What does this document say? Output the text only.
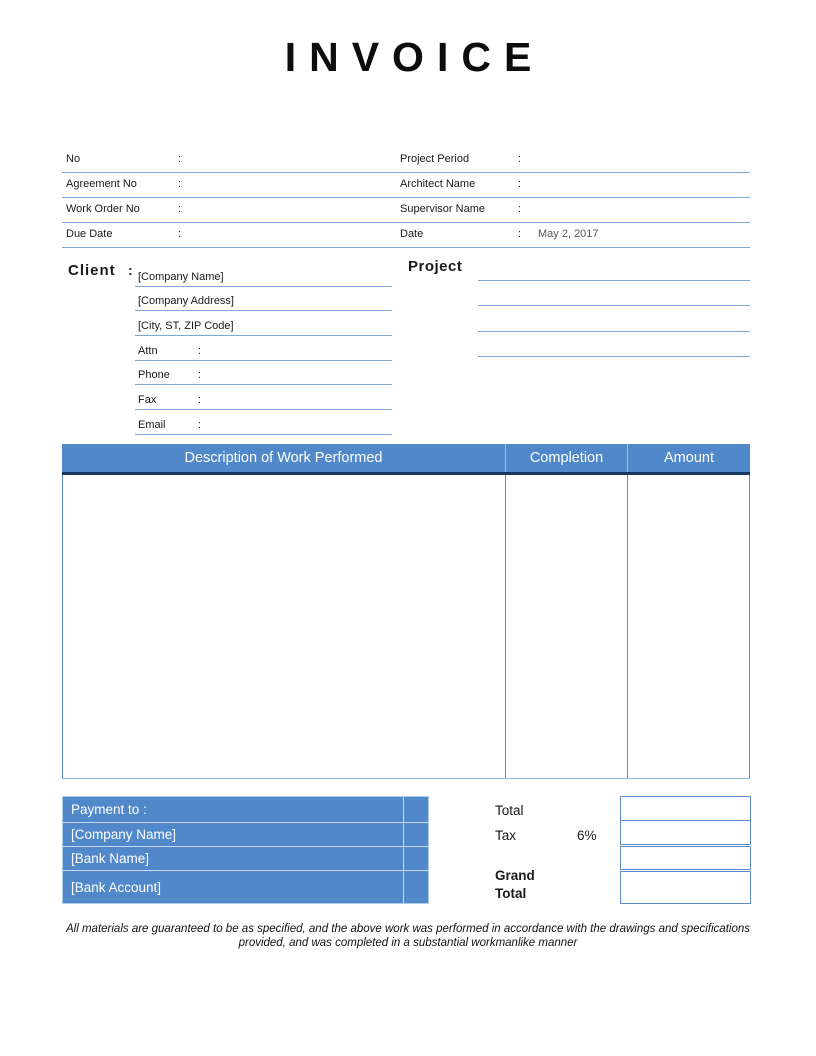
INVOICE
No	:	Project Period	:
Agreement No	:	Architect Name	:
Work Order No	:	Supervisor Name	:
Due Date	:	Date	: May 2, 2017
Client : [Company Name]
[Company Address]
[City, ST, ZIP Code]
Attn	:
Phone	:
Fax	:
Email	:
Project
Description of Work Performed	Completion	Amount
Payment to :
[Company Name]
[Bank Name]
[Bank Account]
Total
Tax	6%
Grand Total
All materials are guaranteed to be as specified, and the above work was performed in accordance with the drawings and specifications provided, and was completed in a substantial workmanlike manner
